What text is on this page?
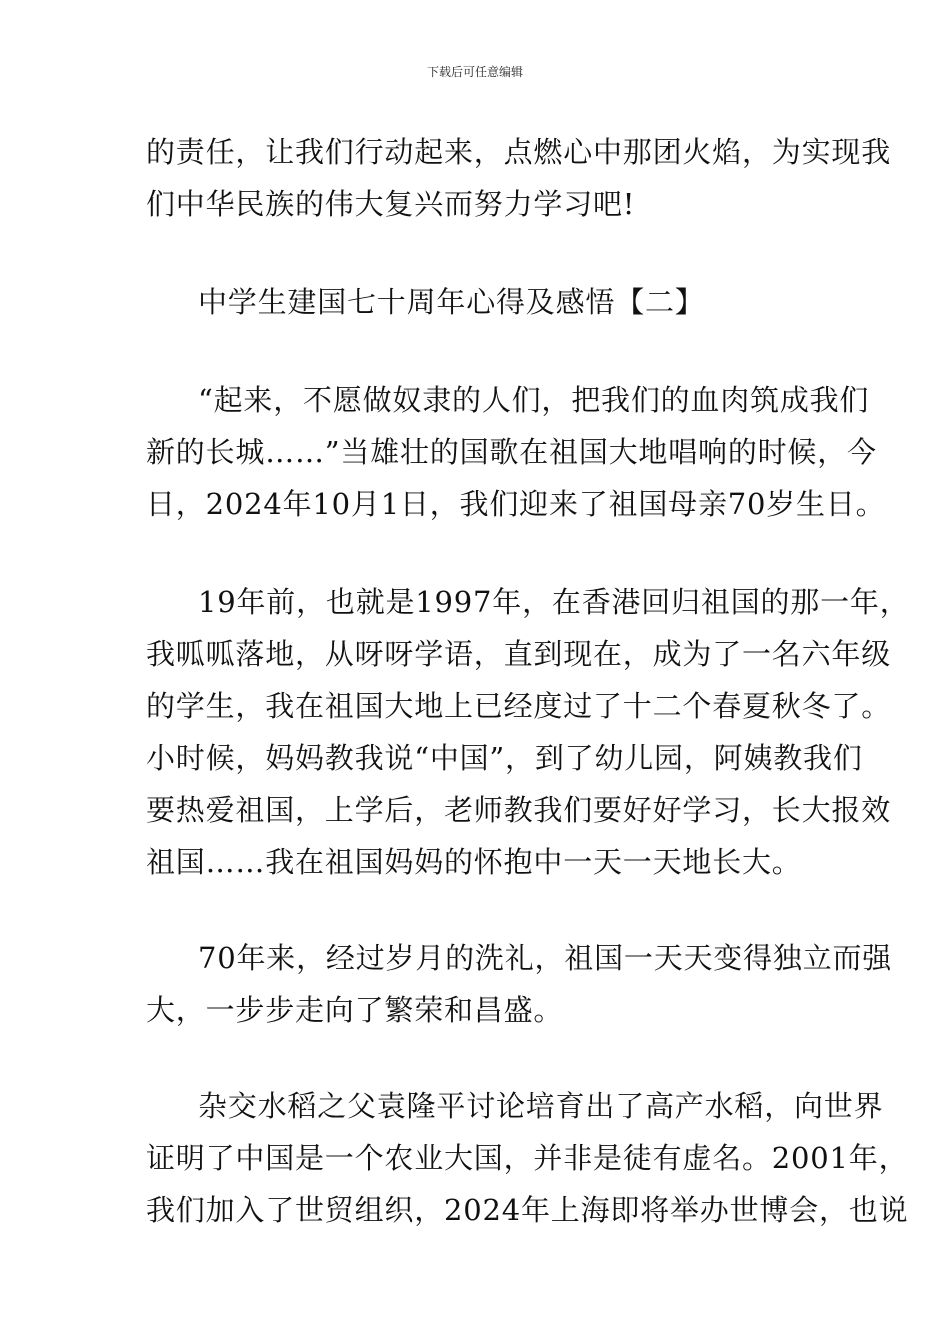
下载后可任意编辑
的责任，让我们行动起来，点燃心中那团火焰，为实现我
们中华民族的伟大复兴而努力学习吧!
中学生建国七十周年心得及感悟【二】
“起来，不愿做奴隶的人们，把我们的血肉筑成我们
新的长城……”当雄壮的国歌在祖国大地唱响的时候，今
日，2024年10月1日，我们迎来了祖国母亲70岁生日。
19年前，也就是1997年，在香港回归祖国的那一年，
我呱呱落地，从呀呀学语，直到现在，成为了一名六年级
的学生，我在祖国大地上已经度过了十二个春夏秋冬了。
小时候，妈妈教我说“中国”，到了幼儿园，阿姨教我们
要热爱祖国，上学后，老师教我们要好好学习，长大报效
祖国……我在祖国妈妈的怀抱中一天一天地长大。
70年来，经过岁月的洗礼，祖国一天天变得独立而强
大，一步步走向了繁荣和昌盛。
杂交水稻之父袁隆平讨论培育出了高产水稻，向世界
证明了中国是一个农业大国，并非是徒有虚名。2001年，
我们加入了世贸组织，2024年上海即将举办世博会，也说
